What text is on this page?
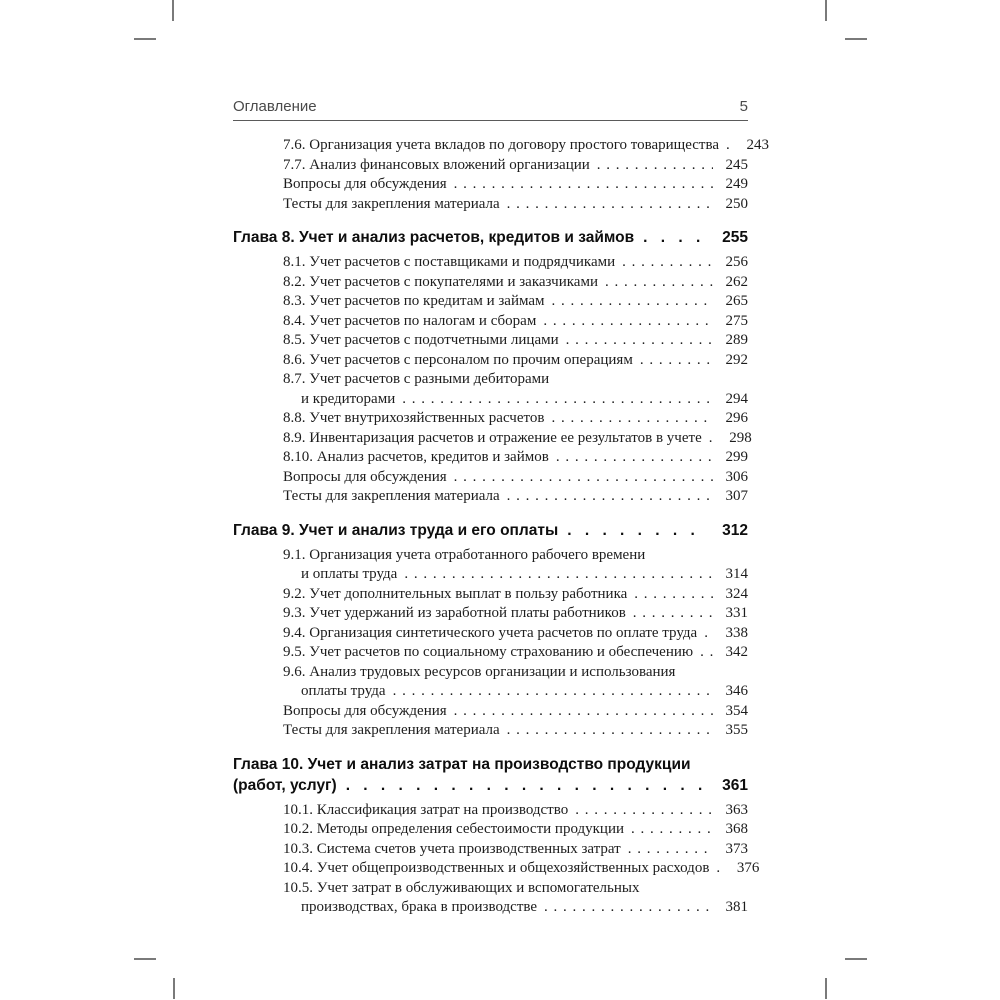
Оглавление	5
7.6. Организация учета вкладов по договору простого товарищества . . .	243
7.7. Анализ финансовых вложений организации . . .	245
Вопросы для обсуждения . . .	249
Тесты для закрепления материала . . .	250
Глава 8. Учет и анализ расчетов, кредитов и займов . . .	255
8.1. Учет расчетов с поставщиками и подрядчиками . . .	256
8.2. Учет расчетов с покупателями и заказчиками . . .	262
8.3. Учет расчетов по кредитам и займам . . .	265
8.4. Учет расчетов по налогам и сборам . . .	275
8.5. Учет расчетов с подотчетными лицами . . .	289
8.6. Учет расчетов с персоналом по прочим операциям . . .	292
8.7. Учет расчетов с разными дебиторами
и кредиторами . . .	294
8.8. Учет внутрихозяйственных расчетов . . .	296
8.9. Инвентаризация расчетов и отражение ее результатов в учете . . .	298
8.10. Анализ расчетов, кредитов и займов . . .	299
Вопросы для обсуждения . . .	306
Тесты для закрепления материала . . .	307
Глава 9. Учет и анализ труда и его оплаты . . .	312
9.1. Организация учета отработанного рабочего времени
и оплаты труда . . .	314
9.2. Учет дополнительных выплат в пользу работника . . .	324
9.3. Учет удержаний из заработной платы работников . . .	331
9.4. Организация синтетического учета расчетов по оплате труда . . .	338
9.5. Учет расчетов по социальному страхованию и обеспечению . . .	342
9.6. Анализ трудовых ресурсов организации и использования
оплаты труда . . .	346
Вопросы для обсуждения . . .	354
Тесты для закрепления материала . . .	355
Глава 10. Учет и анализ затрат на производство продукции
(работ, услуг) . . .	361
10.1. Классификация затрат на производство . . .	363
10.2. Методы определения себестоимости продукции . . .	368
10.3. Система счетов учета производственных затрат . . .	373
10.4. Учет общепроизводственных и общехозяйственных расходов . . .	376
10.5. Учет затрат в обслуживающих и вспомогательных
производствах, брака в производстве . . .	381
